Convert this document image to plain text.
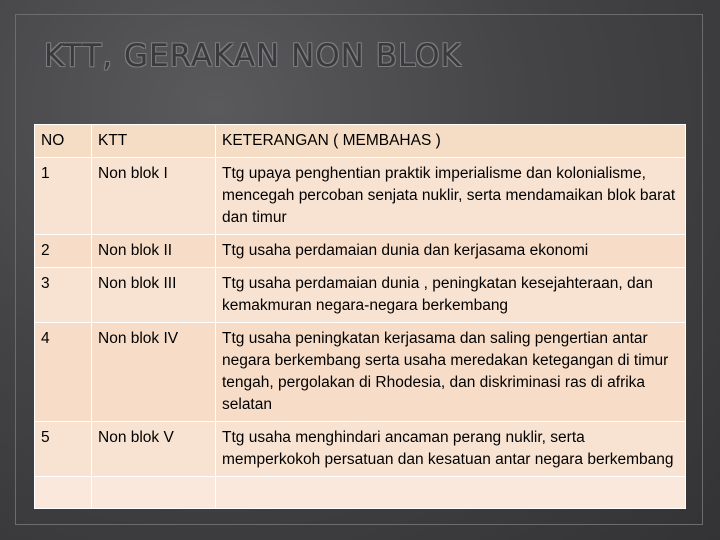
KTT, GERAKAN NON BLOK
NO	KTT	KETERANGAN ( MEMBAHAS )
1	Non blok I	Ttg upaya penghentian praktik imperialisme dan kolonialisme, mencegah percoban senjata nuklir, serta mendamaikan blok barat dan timur
2	Non blok II	Ttg usaha perdamaian dunia dan kerjasama ekonomi
3	Non blok III	Ttg usaha perdamaian dunia , peningkatan kesejahteraan, dan kemakmuran negara-negara berkembang
4	Non blok IV	Ttg usaha peningkatan kerjasama dan saling pengertian antar negara berkembang serta usaha meredakan ketegangan di timur tengah, pergolakan di Rhodesia, dan diskriminasi ras di afrika selatan
5	Non blok V	Ttg usaha menghindari ancaman perang nuklir, serta memperkokoh persatuan dan kesatuan antar negara berkembang
